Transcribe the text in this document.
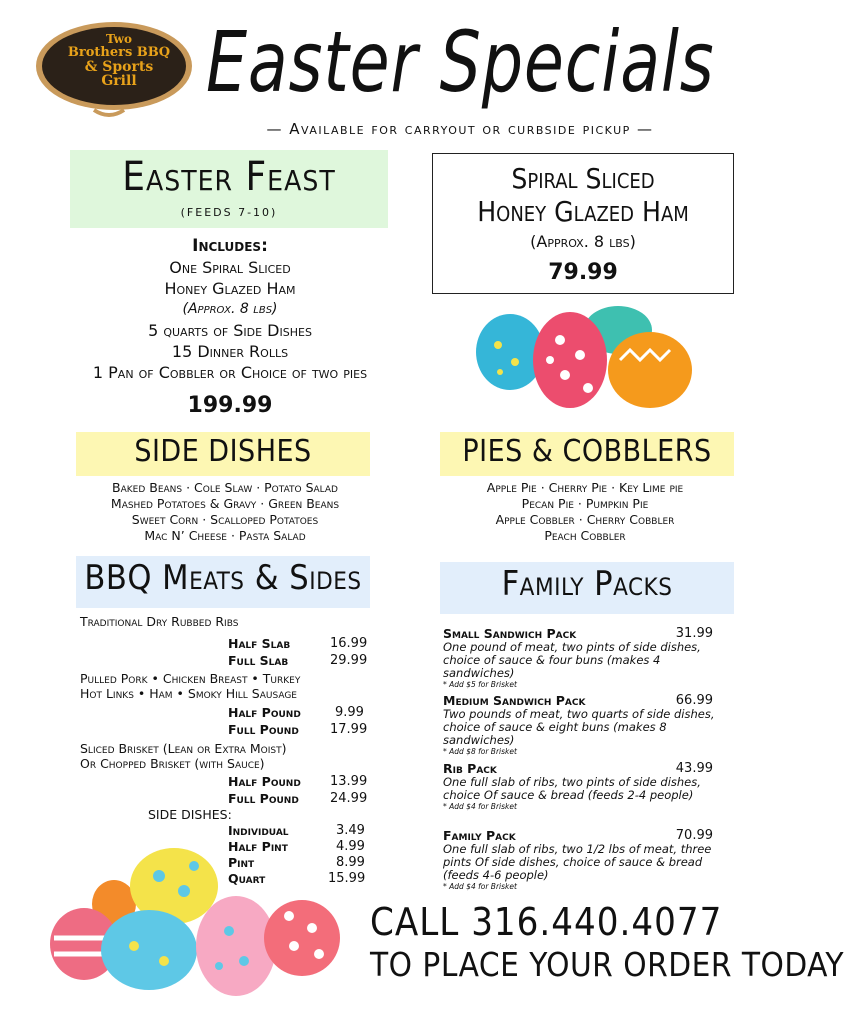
Two
Brothers BBQ
& Sports
Grill Easter Specials
— Available for carryout or curbside pickup —
Easter Feast
(FEEDS 7-10)
Includes:
One Spiral Sliced
Honey Glazed Ham
(Approx. 8 lbs)
5 quarts of Side Dishes
15 Dinner Rolls
1 Pan of Cobbler or Choice of two pies
199.99
Spiral Sliced
Honey Glazed Ham
(Approx. 8 lbs)
79.99
SIDE DISHES
Baked Beans · Cole Slaw · Potato Salad
Mashed Potatoes & Gravy · Green Beans
Sweet Corn · Scalloped Potatoes
Mac N’ Cheese · Pasta Salad
PIES & COBBLERS
Apple Pie · Cherry Pie · Key Lime pie
Pecan Pie · Pumpkin Pie
Apple Cobbler · Cherry Cobbler
Peach Cobbler
BBQ Meats & Sides
Traditional Dry Rubbed Ribs
Half Slab	16.99
Full Slab	29.99
Pulled Pork • Chicken Breast • Turkey
Hot Links • Ham • Smoky Hill Sausage
Half Pound	9.99
Full Pound 17.99
Sliced Brisket (Lean or Extra Moist)
Or Chopped Brisket (with Sauce)
Half Pound 13.99
Full Pound 24.99
SIDE DISHES:
Individual	3.49
Half Pint	4.99
Pint	8.99
Quart	15.99
Family Packs
Small Sandwich Pack	31.99
One pound of meat, two pints of side dishes, choice of sauce & four buns (makes 4 sandwiches)
* Add $5 for Brisket
Medium Sandwich Pack	66.99
Two pounds of meat, two quarts of side dishes, choice of sauce & eight buns (makes 8 sandwiches)
* Add $8 for Brisket
Rib Pack	43.99
One full slab of ribs, two pints of side dishes, choice Of sauce & bread (feeds 2-4 people)
* Add $4 for Brisket
Family Pack	70.99
One full slab of ribs, two 1/2 lbs of meat, three pints Of side dishes, choice of sauce & bread (feeds 4-6 people)
* Add $4 for Brisket
CALL 316.440.4077
TO PLACE YOUR ORDER TODAY
